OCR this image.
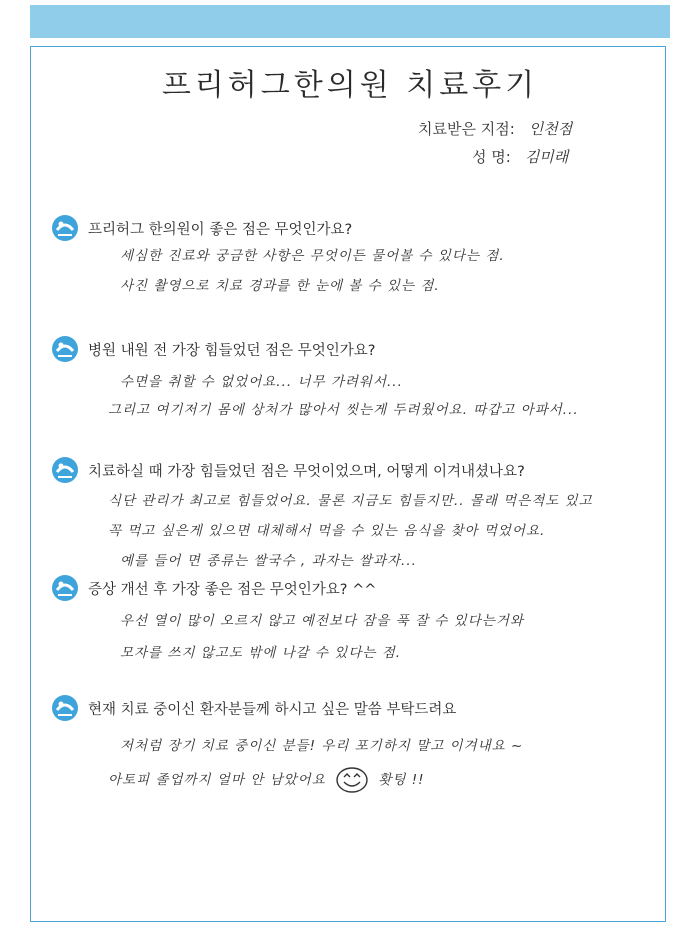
프리허그한의원 치료후기
치료받은 지점: 인천점
성 명: 김미래
프리허그 한의원이 좋은 점은 무엇인가요?
세심한 진료와 궁금한 사항은 무엇이든 물어볼 수 있다는 점.
사진 촬영으로 치료 경과를 한 눈에 볼 수 있는 점.
병원 내원 전 가장 힘들었던 점은 무엇인가요?
수면을 취할 수 없었어요... 너무 가려워서...
그리고 여기저기 몸에 상처가 많아서 씻는게 두려웠어요. 따갑고 아파서...
치료하실 때 가장 힘들었던 점은 무엇이었으며, 어떻게 이겨내셨나요?
식단 관리가 최고로 힘들었어요. 물론 지금도 힘들지만.. 몰래 먹은적도 있고
꼭 먹고 싶은게 있으면 대체해서 먹을 수 있는 음식을 찾아 먹었어요.
예를 들어 면 종류는 쌀국수 , 과자는 쌀과자...
증상 개선 후 가장 좋은 점은 무엇인가요? ^^
우선 열이 많이 오르지 않고 예전보다 잠을 푹 잘 수 있다는거와
모자를 쓰지 않고도 밖에 나갈 수 있다는 점.
현재 치료 중이신 환자분들께 하시고 싶은 말씀 부탁드려요
저처럼 장기 치료 중이신 분들! 우리 포기하지 말고 이겨내요 ~
아토피 졸업까지 얼마 안 남았어요	홧팅 !!
